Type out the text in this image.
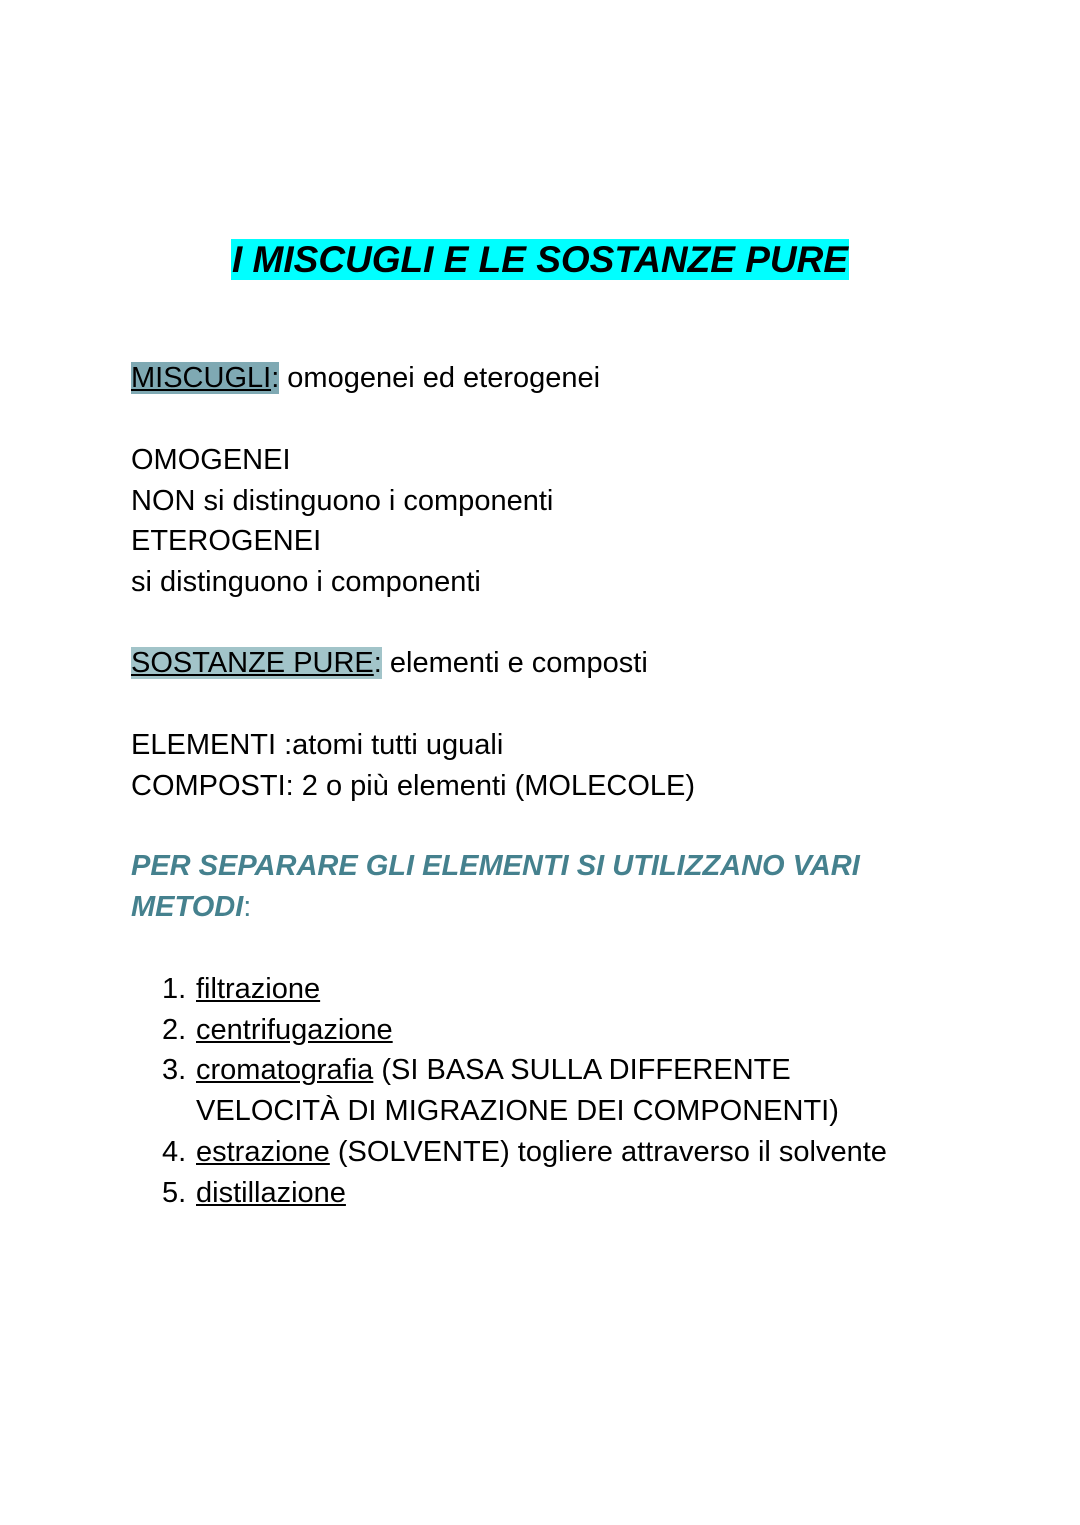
I MISCUGLI E LE SOSTANZE PURE
MISCUGLI: omogenei ed eterogenei
OMOGENEI
NON si distinguono i componenti
ETEROGENEI
si distinguono i componenti
SOSTANZE PURE: elementi e composti
ELEMENTI :atomi tutti uguali
COMPOSTI: 2 o più elementi (MOLECOLE)
PER SEPARARE GLI ELEMENTI SI UTILIZZANO VARI
METODI:
1. filtrazione
2. centrifugazione
3. cromatografia (SI BASA SULLA DIFFERENTE
VELOCITÀ DI MIGRAZIONE DEI COMPONENTI)
4. estrazione (SOLVENTE) togliere attraverso il solvente
5. distillazione
